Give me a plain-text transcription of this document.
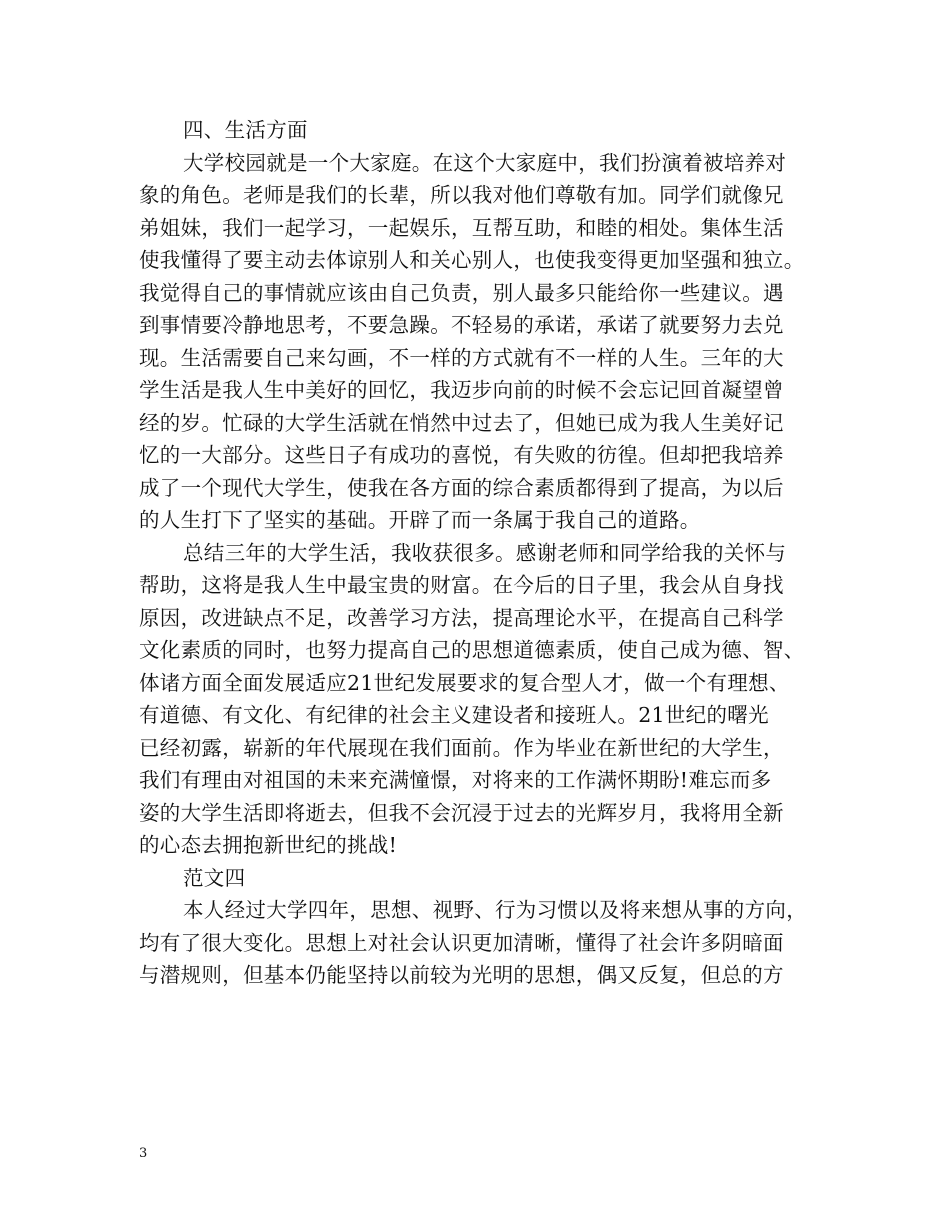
四、生活方面
大学校园就是一个大家庭。在这个大家庭中，我们扮演着被培养对
象的角色。老师是我们的长辈，所以我对他们尊敬有加。同学们就像兄
弟姐妹，我们一起学习，一起娱乐，互帮互助，和睦的相处。集体生活
使我懂得了要主动去体谅别人和关心别人，也使我变得更加坚强和独立。
我觉得自己的事情就应该由自己负责，别人最多只能给你一些建议。遇
到事情要冷静地思考，不要急躁。不轻易的承诺，承诺了就要努力去兑
现。生活需要自己来勾画，不一样的方式就有不一样的人生。三年的大
学生活是我人生中美好的回忆，我迈步向前的时候不会忘记回首凝望曾
经的岁。忙碌的大学生活就在悄然中过去了，但她已成为我人生美好记
忆的一大部分。这些日子有成功的喜悦，有失败的彷徨。但却把我培养
成了一个现代大学生，使我在各方面的综合素质都得到了提高，为以后
的人生打下了坚实的基础。开辟了而一条属于我自己的道路。
总结三年的大学生活，我收获很多。感谢老师和同学给我的关怀与
帮助，这将是我人生中最宝贵的财富。在今后的日子里，我会从自身找
原因，改进缺点不足，改善学习方法，提高理论水平，在提高自己科学
文化素质的同时，也努力提高自己的思想道德素质，使自己成为德、智、
体诸方面全面发展适应21世纪发展要求的复合型人才，做一个有理想、
有道德、有文化、有纪律的社会主义建设者和接班人。21世纪的曙光
已经初露，崭新的年代展现在我们面前。作为毕业在新世纪的大学生，
我们有理由对祖国的未来充满憧憬，对将来的工作满怀期盼!难忘而多
姿的大学生活即将逝去，但我不会沉浸于过去的光辉岁月，我将用全新
的心态去拥抱新世纪的挑战!
范文四
本人经过大学四年，思想、视野、行为习惯以及将来想从事的方向，
均有了很大变化。思想上对社会认识更加清晰，懂得了社会许多阴暗面
与潜规则，但基本仍能坚持以前较为光明的思想，偶又反复，但总的方
3
